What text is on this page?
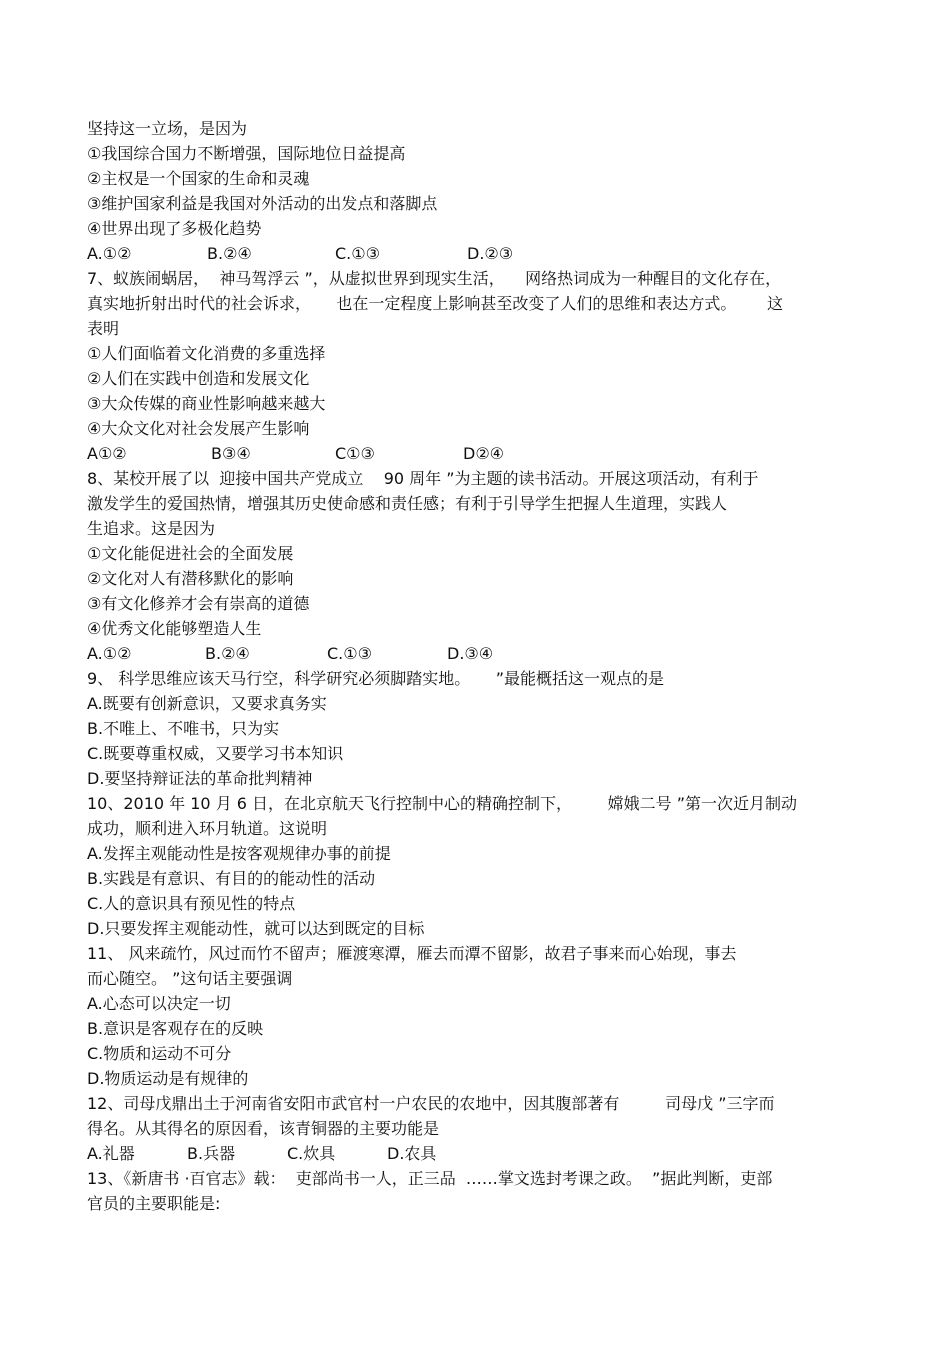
坚持这一立场，是因为
①我国综合国力不断增强，国际地位日益提高
②主权是一个国家的生命和灵魂
③维护国家利益是我国对外活动的出发点和落脚点
④世界出现了多极化趋势
A.①②	B.②④	C.①③	D.②③
7、蚁族闹蜗居，  神马驾浮云 ”，从虚拟世界到现实生活，    网络热词成为一种醒目的文化存在，
真实地折射出时代的社会诉求，     也在一定程度上影响甚至改变了人们的思维和表达方式。      这
表明
①人们面临着文化消费的多重选择
②人们在实践中创造和发展文化
③大众传媒的商业性影响越来越大
④大众文化对社会发展产生影响
A①②	B③④	C①③	D②④
8、某校开展了以  迎接中国共产党成立    90 周年 ”为主题的读书活动。开展这项活动，有利于
激发学生的爱国热情，增强其历史使命感和责任感；有利于引导学生把握人生道理，实践人
生追求。这是因为
①文化能促进社会的全面发展
②文化对人有潜移默化的影响
③有文化修养才会有崇高的道德
④优秀文化能够塑造人生
A.①②	B.②④	C.①③	D.③④
9、 科学思维应该天马行空，科学研究必须脚踏实地。     ”最能概括这一观点的是
A.既要有创新意识，又要求真务实
B.不唯上、不唯书，只为实
C.既要尊重权威，又要学习书本知识
D.要坚持辩证法的革命批判精神
10、2010 年 10 月 6 日，在北京航天飞行控制中心的精确控制下，       嫦娥二号 ”第一次近月制动
成功，顺利进入环月轨道。这说明
A.发挥主观能动性是按客观规律办事的前提
B.实践是有意识、有目的的能动性的活动
C.人的意识具有预见性的特点
D.只要发挥主观能动性，就可以达到既定的目标
11、 风来疏竹，风过而竹不留声；雁渡寒潭，雁去而潭不留影，故君子事来而心始现，事去
而心随空。 ”这句话主要强调
A.心态可以决定一切
B.意识是客观存在的反映
C.物质和运动不可分
D.物质运动是有规律的
12、司母戊鼎出土于河南省安阳市武官村一户农民的农地中，因其腹部著有         司母戊 ”三字而
得名。从其得名的原因看，该青铜器的主要功能是
A.礼器	B.兵器	C.炊具	D.农具
13、《新唐书 ·百官志》载：  吏部尚书一人，正三品  ……掌文选封考课之政。  ”据此判断，吏部
官员的主要职能是:
